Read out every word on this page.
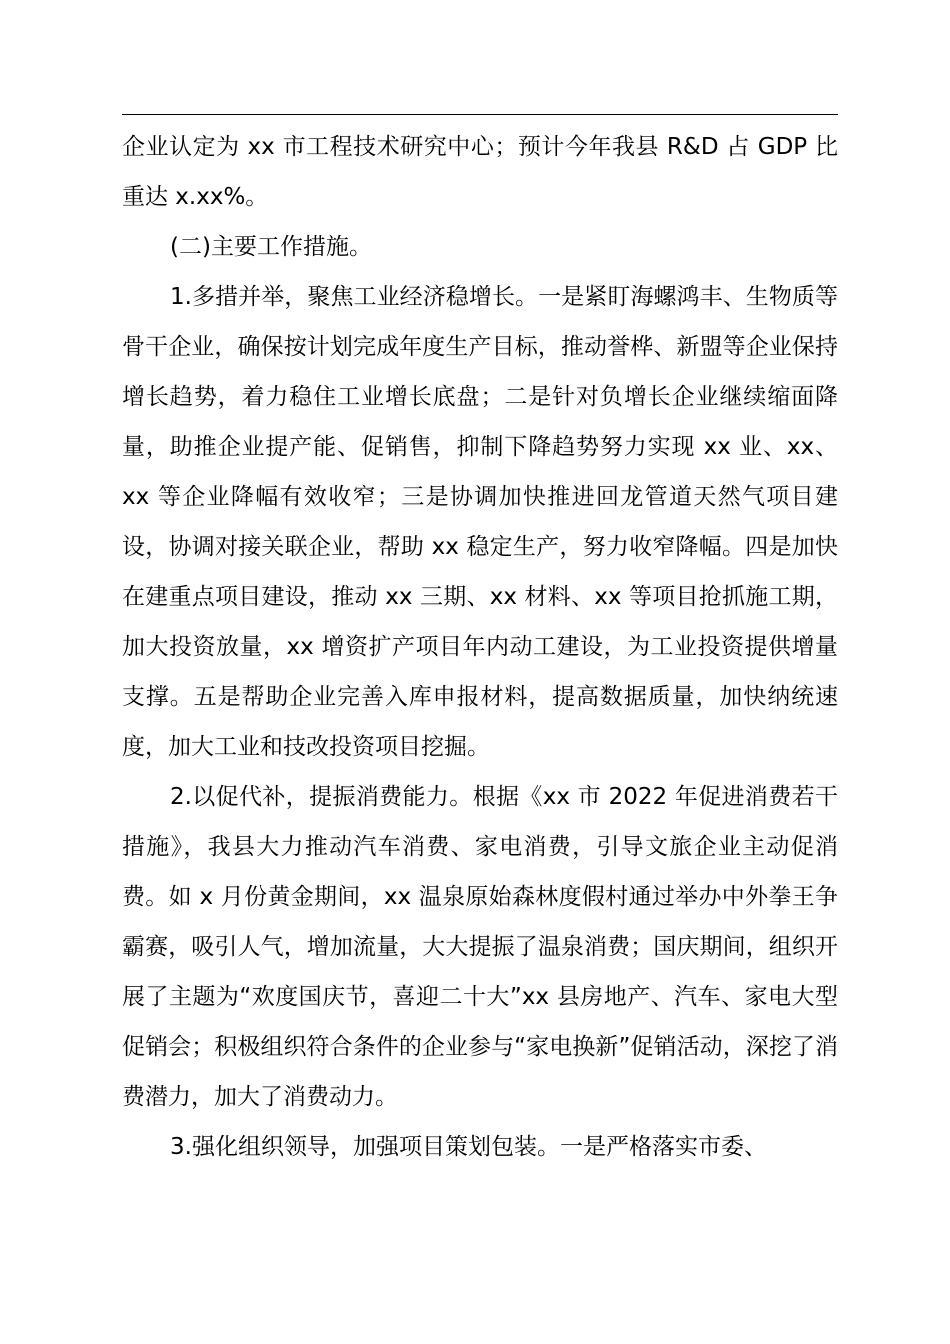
企业认定为 xx 市工程技术研究中心；预计今年我县 R&D 占 GDP 比重达 x.xx%。

(二)主要工作措施。

1.多措并举，聚焦工业经济稳增长。一是紧盯海螺鸿丰、生物质等骨干企业，确保按计划完成年度生产目标，推动誉桦、新盟等企业保持增长趋势，着力稳住工业增长底盘；二是针对负增长企业继续缩面降量，助推企业提产能、促销售，抑制下降趋势努力实现 xx 业、xx、xx 等企业降幅有效收窄；三是协调加快推进回龙管道天然气项目建设，协调对接关联企业，帮助 xx 稳定生产，努力收窄降幅。四是加快在建重点项目建设，推动 xx 三期、xx 材料、xx 等项目抢抓施工期，加大投资放量，xx 增资扩产项目年内动工建设，为工业投资提供增量支撑。五是帮助企业完善入库申报材料，提高数据质量，加快纳统速度，加大工业和技改投资项目挖掘。

2.以促代补，提振消费能力。根据《xx 市 2022 年促进消费若干措施》，我县大力推动汽车消费、家电消费，引导文旅企业主动促消费。如 x 月份黄金期间，xx 温泉原始森林度假村通过举办中外拳王争霸赛，吸引人气，增加流量，大大提振了温泉消费；国庆期间，组织开展了主题为“欢度国庆节，喜迎二十大”xx 县房地产、汽车、家电大型促销会；积极组织符合条件的企业参与“家电换新”促销活动，深挖了消费潜力，加大了消费动力。

3.强化组织领导，加强项目策划包装。一是严格落实市委、
